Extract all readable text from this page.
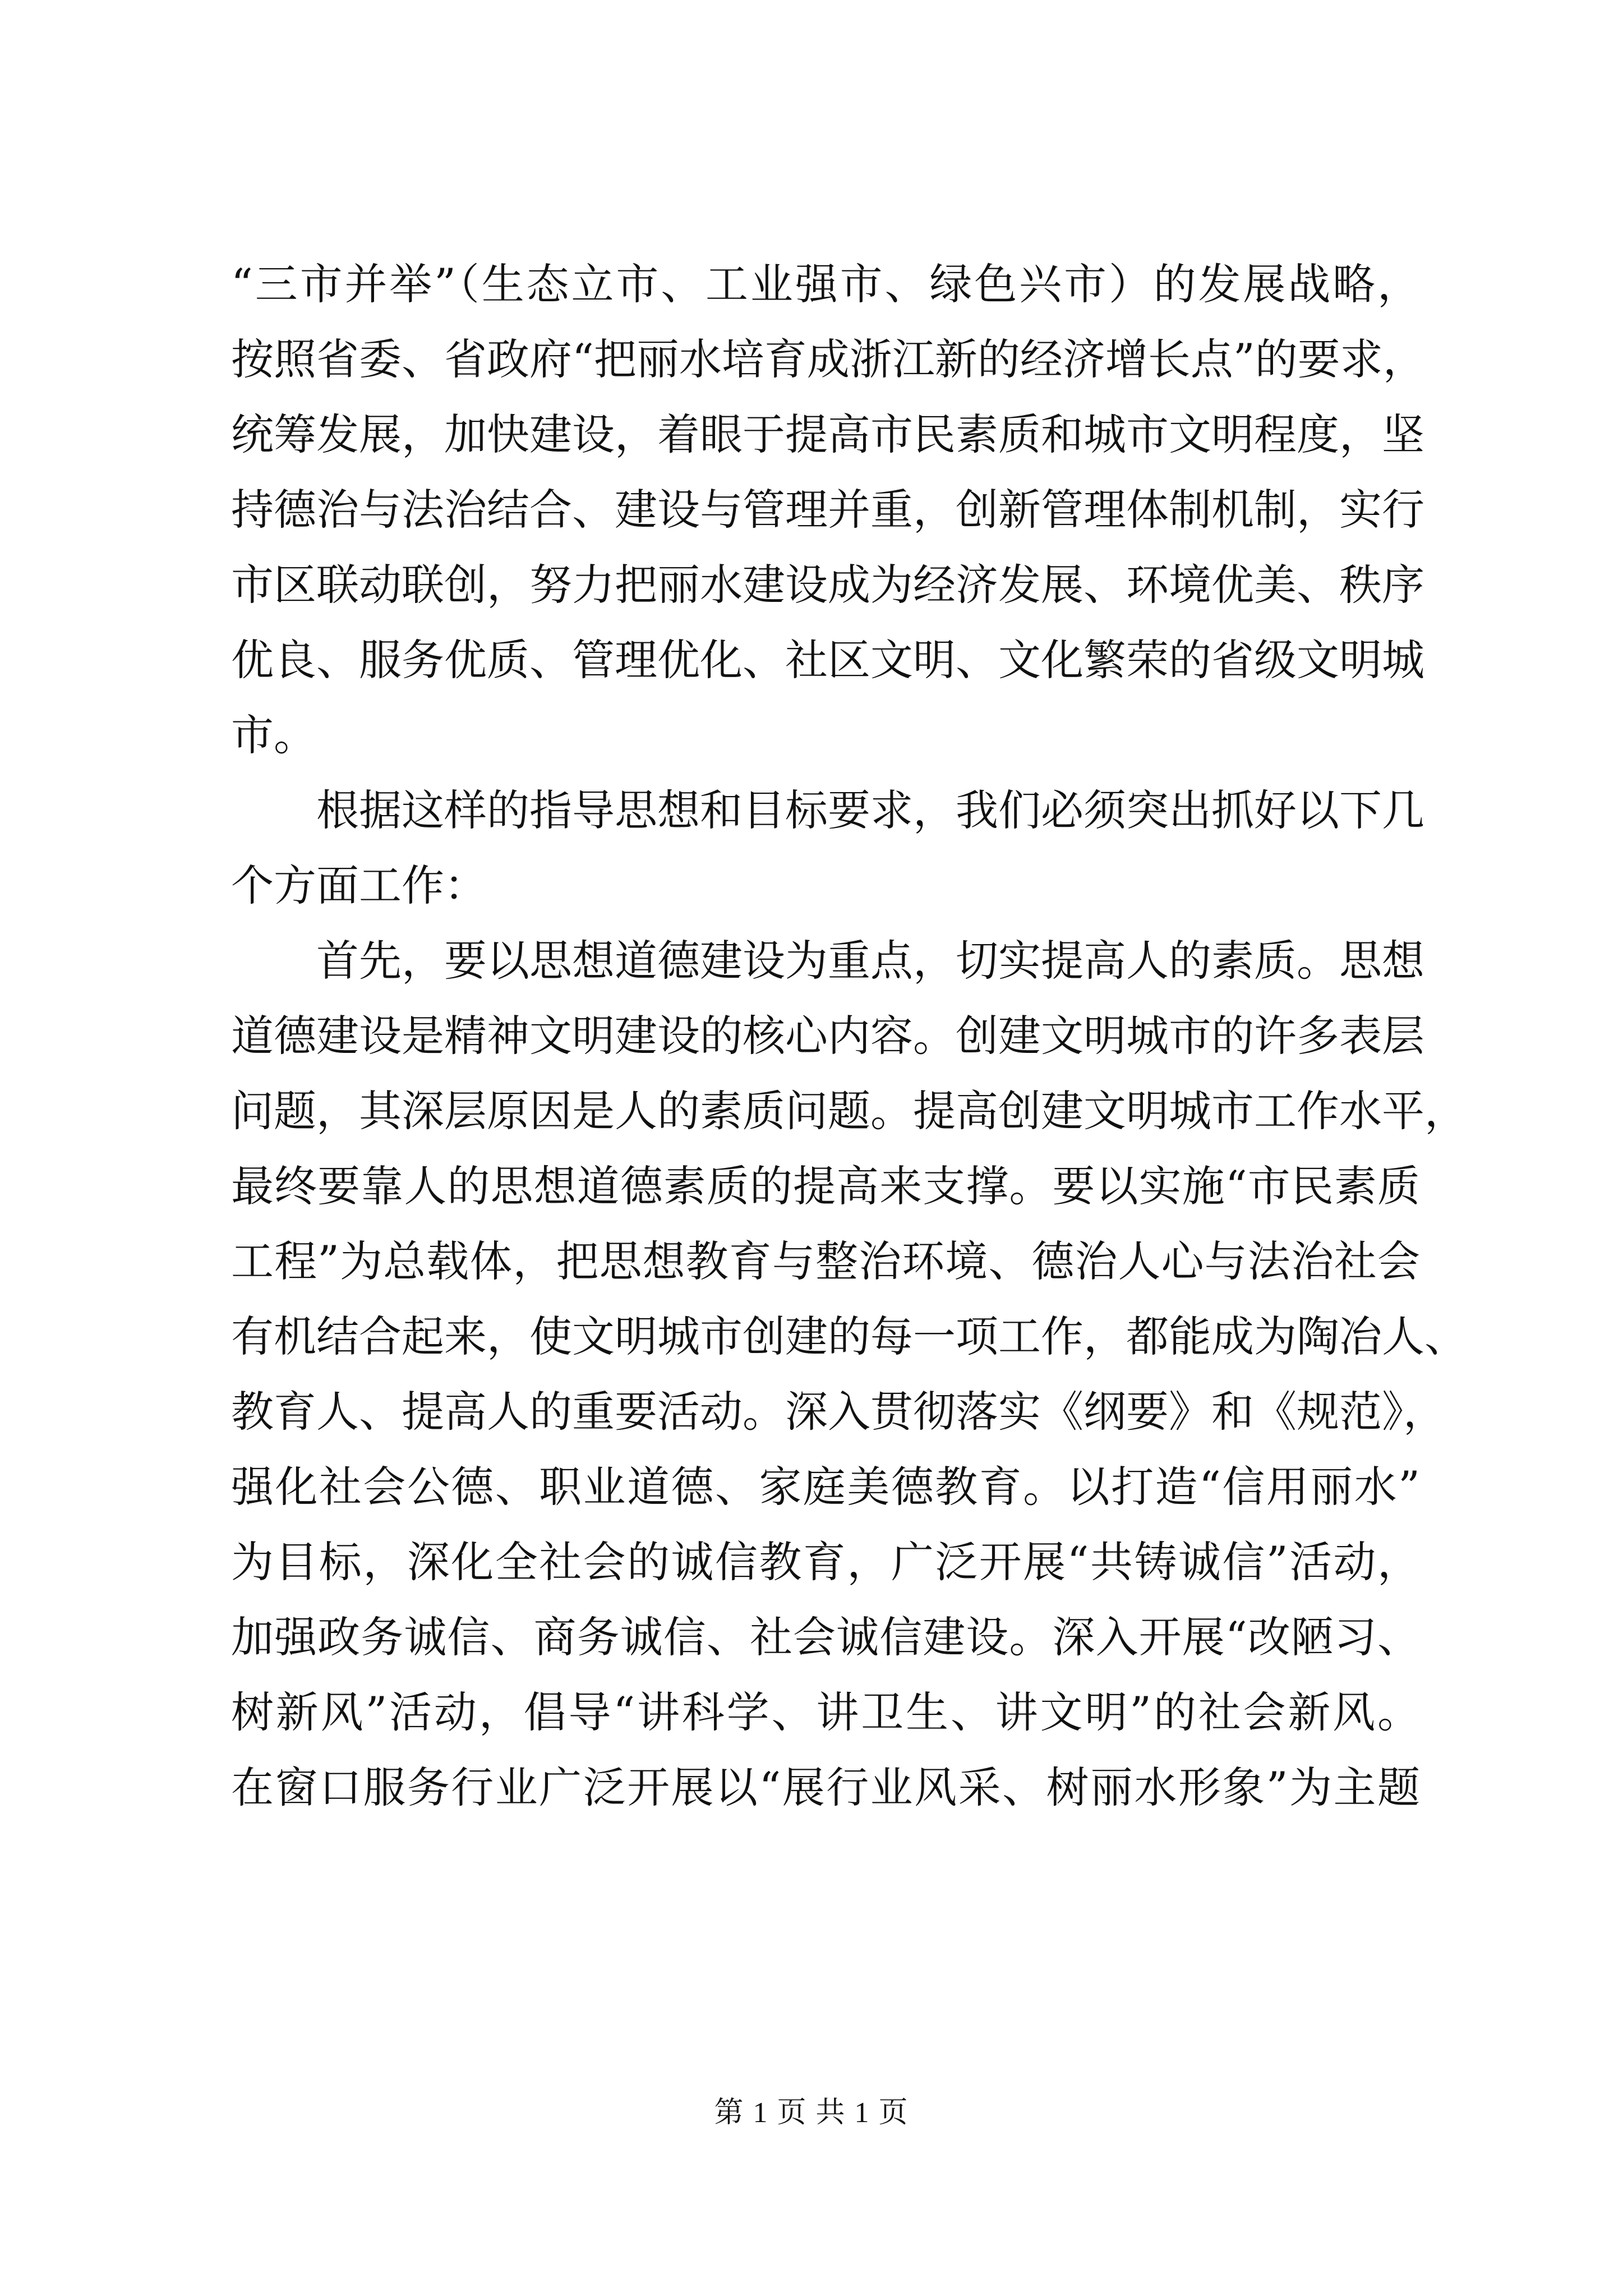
“三市并举”（生态立市、工业强市、绿色兴市）的发展战略，
按照省委、省政府“把丽水培育成浙江新的经济增长点”的要求，
统筹发展，加快建设，着眼于提高市民素质和城市文明程度，坚
持德治与法治结合、建设与管理并重，创新管理体制机制，实行
市区联动联创，努力把丽水建设成为经济发展、环境优美、秩序
优良、服务优质、管理优化、社区文明、文化繁荣的省级文明城
市。
根据这样的指导思想和目标要求，我们必须突出抓好以下几
个方面工作：
首先，要以思想道德建设为重点，切实提高人的素质。思想
道德建设是精神文明建设的核心内容。创建文明城市的许多表层
问题，其深层原因是人的素质问题。提高创建文明城市工作水平，
最终要靠人的思想道德素质的提高来支撑。要以实施“市民素质
工程”为总载体，把思想教育与整治环境、德治人心与法治社会
有机结合起来，使文明城市创建的每一项工作，都能成为陶冶人、
教育人、提高人的重要活动。深入贯彻落实《纲要》和《规范》，
强化社会公德、职业道德、家庭美德教育。以打造“信用丽水”
为目标，深化全社会的诚信教育，广泛开展“共铸诚信”活动，
加强政务诚信、商务诚信、社会诚信建设。深入开展“改陋习、
树新风”活动，倡导“讲科学、讲卫生、讲文明”的社会新风。
在窗口服务行业广泛开展以“展行业风采、树丽水形象”为主题
第 1 页 共 1 页
